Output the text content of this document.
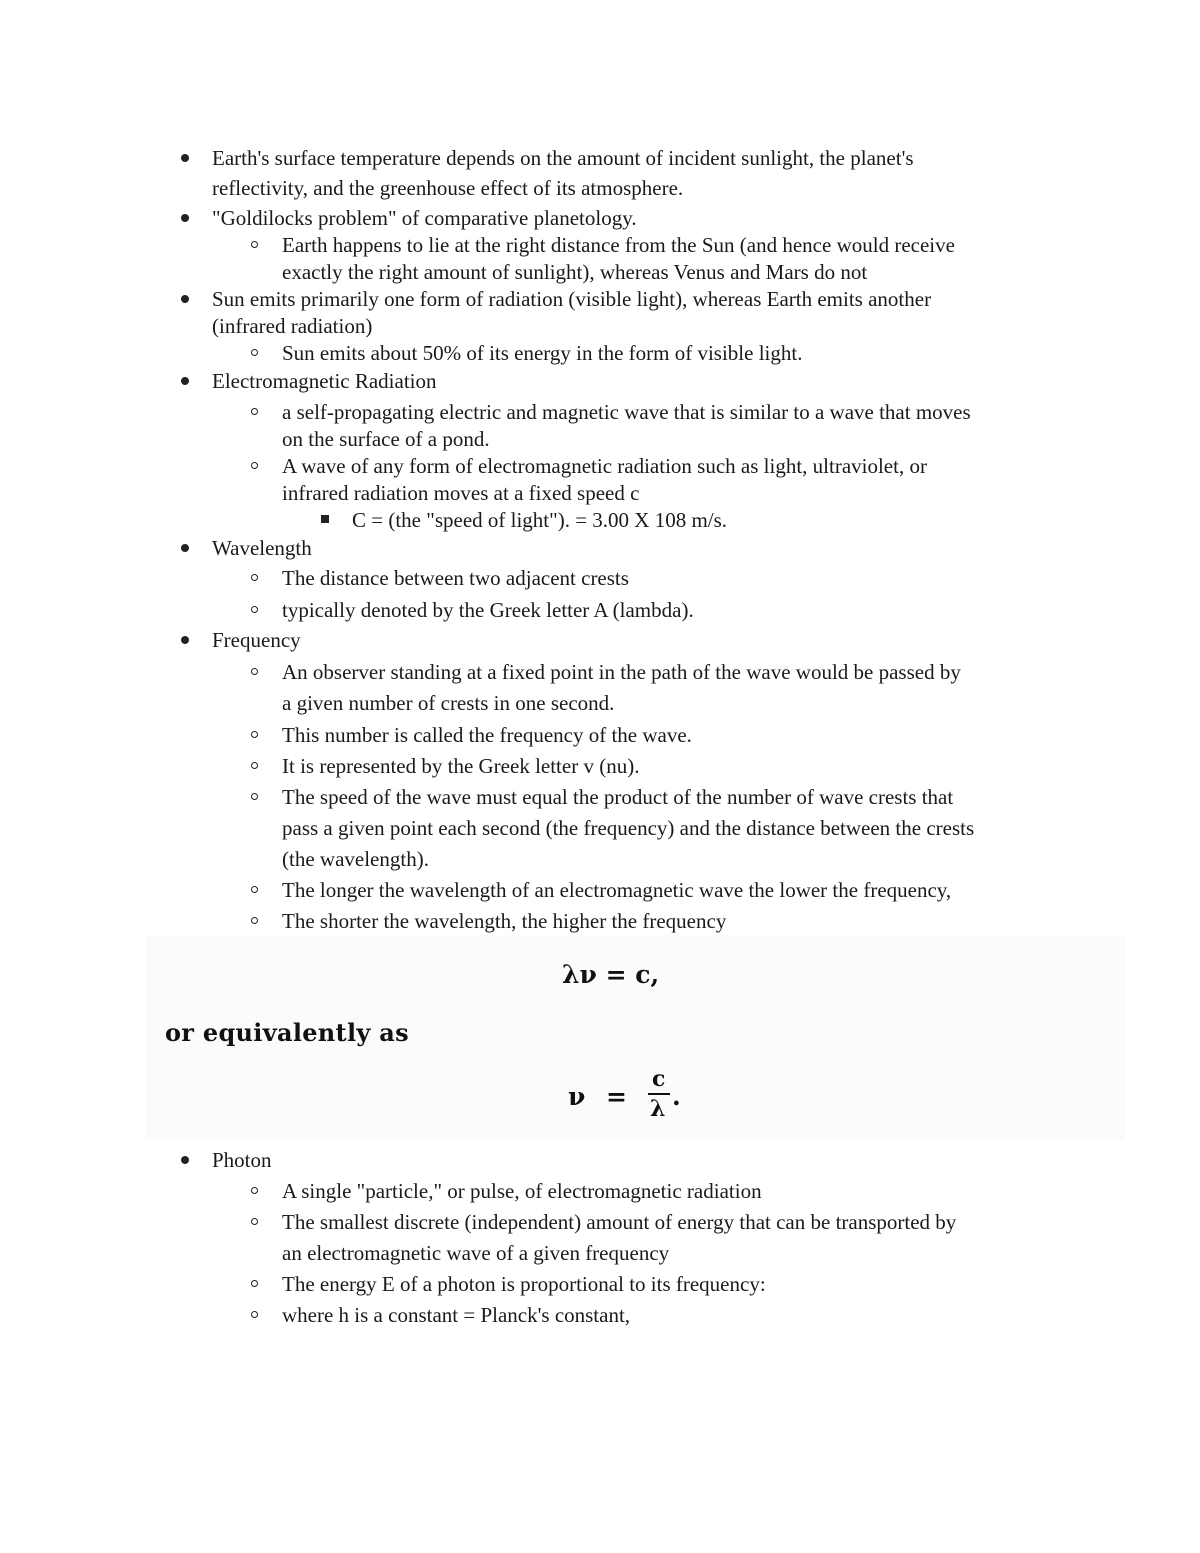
Earth's surface temperature depends on the amount of incident sunlight, the planet's
reflectivity, and the greenhouse effect of its atmosphere.
"Goldilocks problem" of comparative planetology.
Earth happens to lie at the right distance from the Sun (and hence would receive
exactly the right amount of sunlight), whereas Venus and Mars do not
Sun emits primarily one form of radiation (visible light), whereas Earth emits another
(infrared radiation)
Sun emits about 50% of its energy in the form of visible light.
Electromagnetic Radiation
a self-propagating electric and magnetic wave that is similar to a wave that moves
on the surface of a pond.
A wave of any form of electromagnetic radiation such as light, ultraviolet, or
infrared radiation moves at a fixed speed c
C = (the "speed of light"). = 3.00 X 108 m/s.
Wavelength
The distance between two adjacent crests
typically denoted by the Greek letter A (lambda).
Frequency
An observer standing at a fixed point in the path of the wave would be passed by
a given number of crests in one second.
This number is called the frequency of the wave.
It is represented by the Greek letter v (nu).
The speed of the wave must equal the product of the number of wave crests that
pass a given point each second (the frequency) and the distance between the crests
(the wavelength).
The longer the wavelength of an electromagnetic wave the lower the frequency,
The shorter the wavelength, the higher the frequency
λν = c,
or equivalently as
ν =
c
λ .
Photon
A single "particle," or pulse, of electromagnetic radiation
The smallest discrete (independent) amount of energy that can be transported by
an electromagnetic wave of a given frequency
The energy E of a photon is proportional to its frequency:
where h is a constant = Planck's constant,
